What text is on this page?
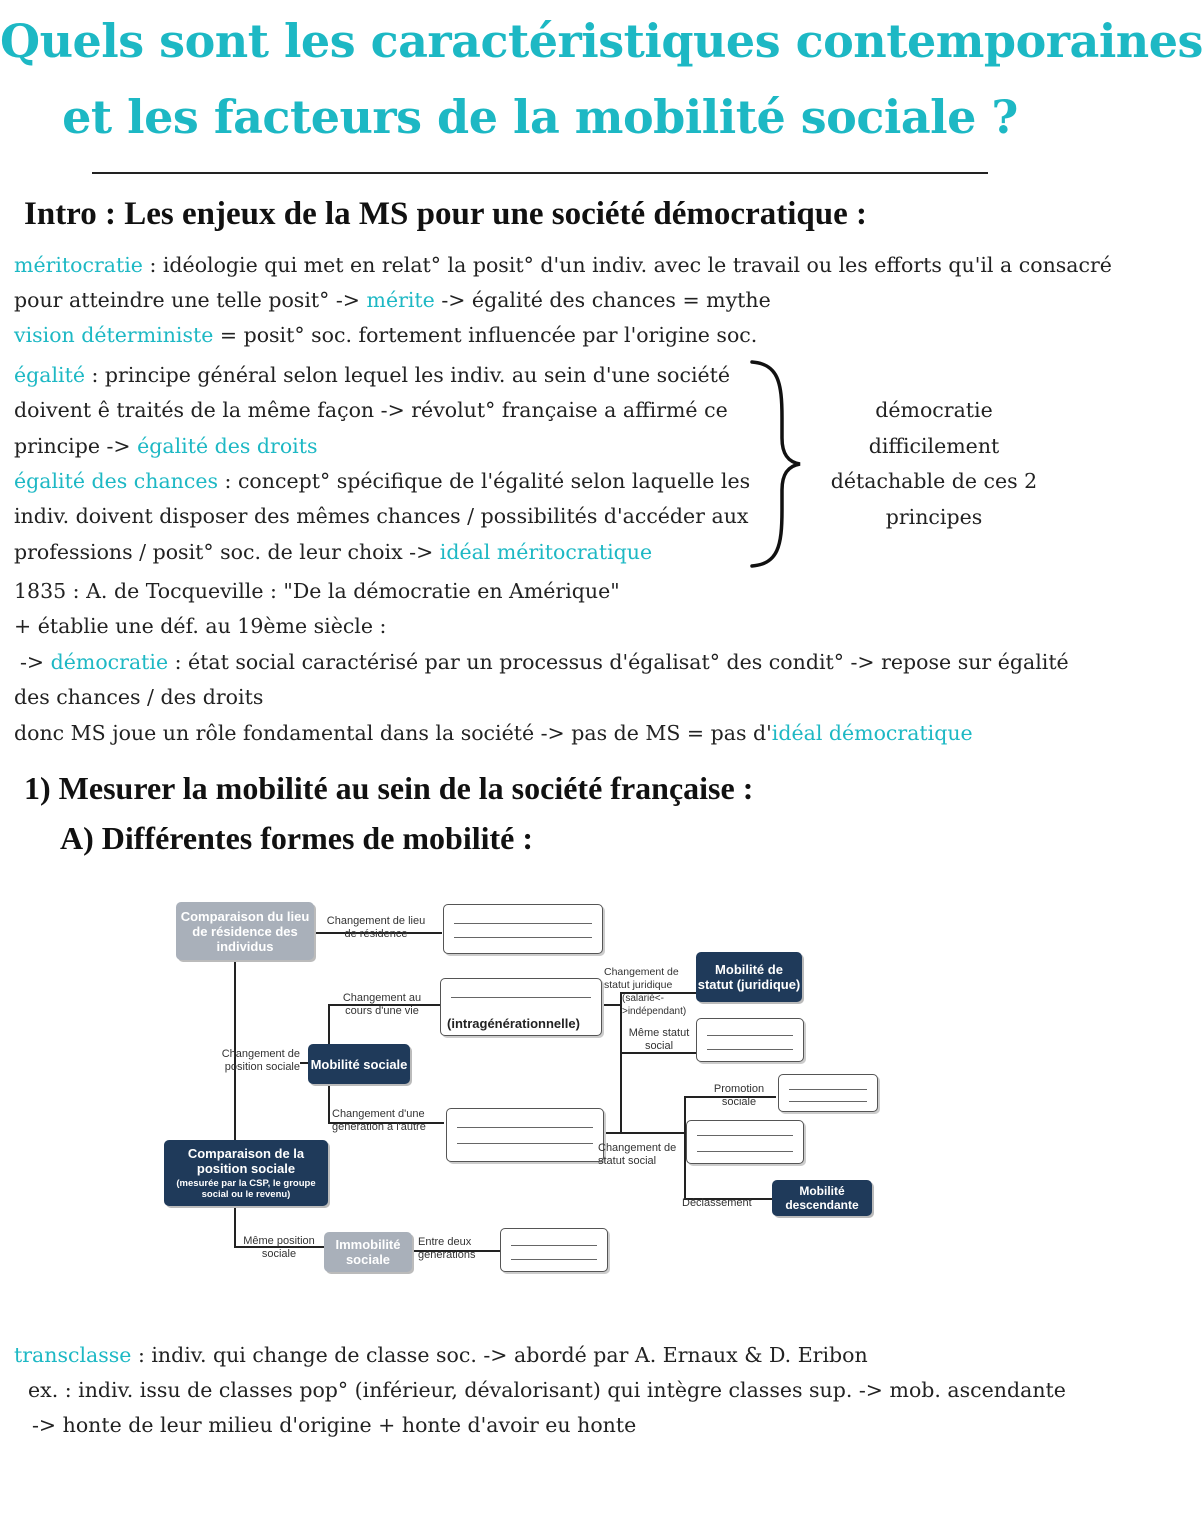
Quels sont les caractéristiques contemporaines
et les facteurs de la mobilité sociale ?
Intro : Les enjeux de la MS pour une société démocratique :
méritocratie : idéologie qui met en relat° la posit° d'un indiv. avec le travail ou les efforts qu'il a consacré
pour atteindre une telle posit° -> mérite -> égalité des chances = mythe
vision déterministe = posit° soc. fortement influencée par l'origine soc.
égalité : principe général selon lequel les indiv. au sein d'une société
doivent ê traités de la même façon -> révolut° française a affirmé ce
principe -> égalité des droits
égalité des chances : concept° spécifique de l'égalité selon laquelle les
indiv. doivent disposer des mêmes chances / possibilités d'accéder aux
professions / posit° soc. de leur choix -> idéal méritocratique
démocratie
difficilement
détachable de ces 2
principes
1835 : A. de Tocqueville : "De la démocratie en Amérique"
+ établie une déf. au 19ème siècle :
-> démocratie : état social caractérisé par un processus d'égalisat° des condit° -> repose sur égalité
des chances / des droits
donc MS joue un rôle fondamental dans la société -> pas de MS = pas d'idéal démocratique
1) Mesurer la mobilité au sein de la société française :
A) Différentes formes de mobilité :
Comparaison du lieu de résidence des individus
Changement de lieu de résidence
Changement au cours d'une vie
(intragénérationnelle)
Changement de position sociale Mobilité sociale
Changement d'une génération à l'autre
Comparaison de la position sociale
(mesurée par la CSP, le groupe social ou le revenu)
Même position sociale
Immobilité sociale
Entre deux générations
Changement de statut juridique
(salarié<->indépendant)
Mobilité de statut (juridique)
Même statut social
Promotion sociale
Changement de statut social
Déclassement
Mobilité descendante
transclasse : indiv. qui change de classe soc. -> abordé par A. Ernaux & D. Eribon
ex. : indiv. issu de classes pop° (inférieur, dévalorisant) qui intègre classes sup. -> mob. ascendante
-> honte de leur milieu d'origine + honte d'avoir eu honte
